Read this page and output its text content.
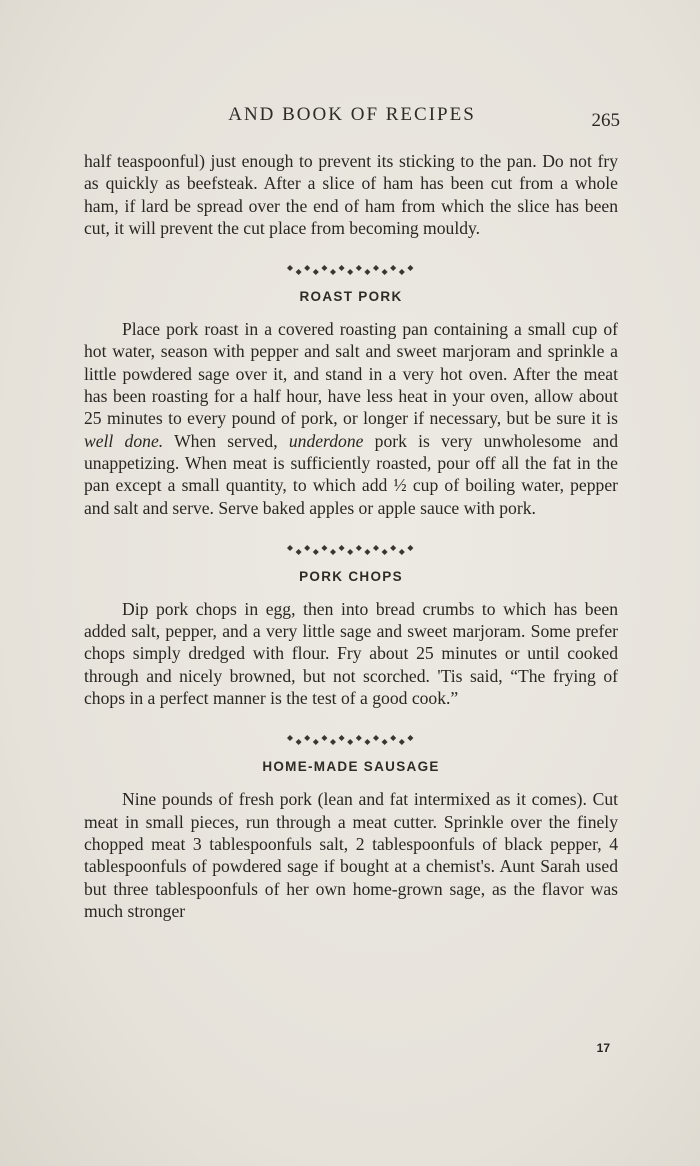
AND BOOK OF RECIPES	265

half teaspoonful) just enough to prevent its sticking to the pan. Do not fry as quickly as beefsteak. After a slice of ham has been cut from a whole ham, if lard be spread over the end of ham from which the slice has been cut, it will prevent the cut place from becoming mouldy.

ROAST PORK

Place pork roast in a covered roasting pan containing a small cup of hot water, season with pepper and salt and sweet marjoram and sprinkle a little powdered sage over it, and stand in a very hot oven. After the meat has been roasting for a half hour, have less heat in your oven, allow about 25 minutes to every pound of pork, or longer if necessary, but be sure it is well done. When served, underdone pork is very unwholesome and unappetizing. When meat is sufficiently roasted, pour off all the fat in the pan except a small quantity, to which add ½ cup of boiling water, pepper and salt and serve. Serve baked apples or apple sauce with pork.

PORK CHOPS

Dip pork chops in egg, then into bread crumbs to which has been added salt, pepper, and a very little sage and sweet marjoram. Some prefer chops simply dredged with flour. Fry about 25 minutes or until cooked through and nicely browned, but not scorched. 'Tis said, “The frying of chops in a perfect manner is the test of a good cook.”

HOME-MADE SAUSAGE

Nine pounds of fresh pork (lean and fat intermixed as it comes). Cut meat in small pieces, run through a meat cutter. Sprinkle over the finely chopped meat 3 tablespoonfuls salt, 2 tablespoonfuls of black pepper, 4 tablespoonfuls of powdered sage if bought at a chemist's. Aunt Sarah used but three tablespoonfuls of her own home-grown sage, as the flavor was much stronger

17
